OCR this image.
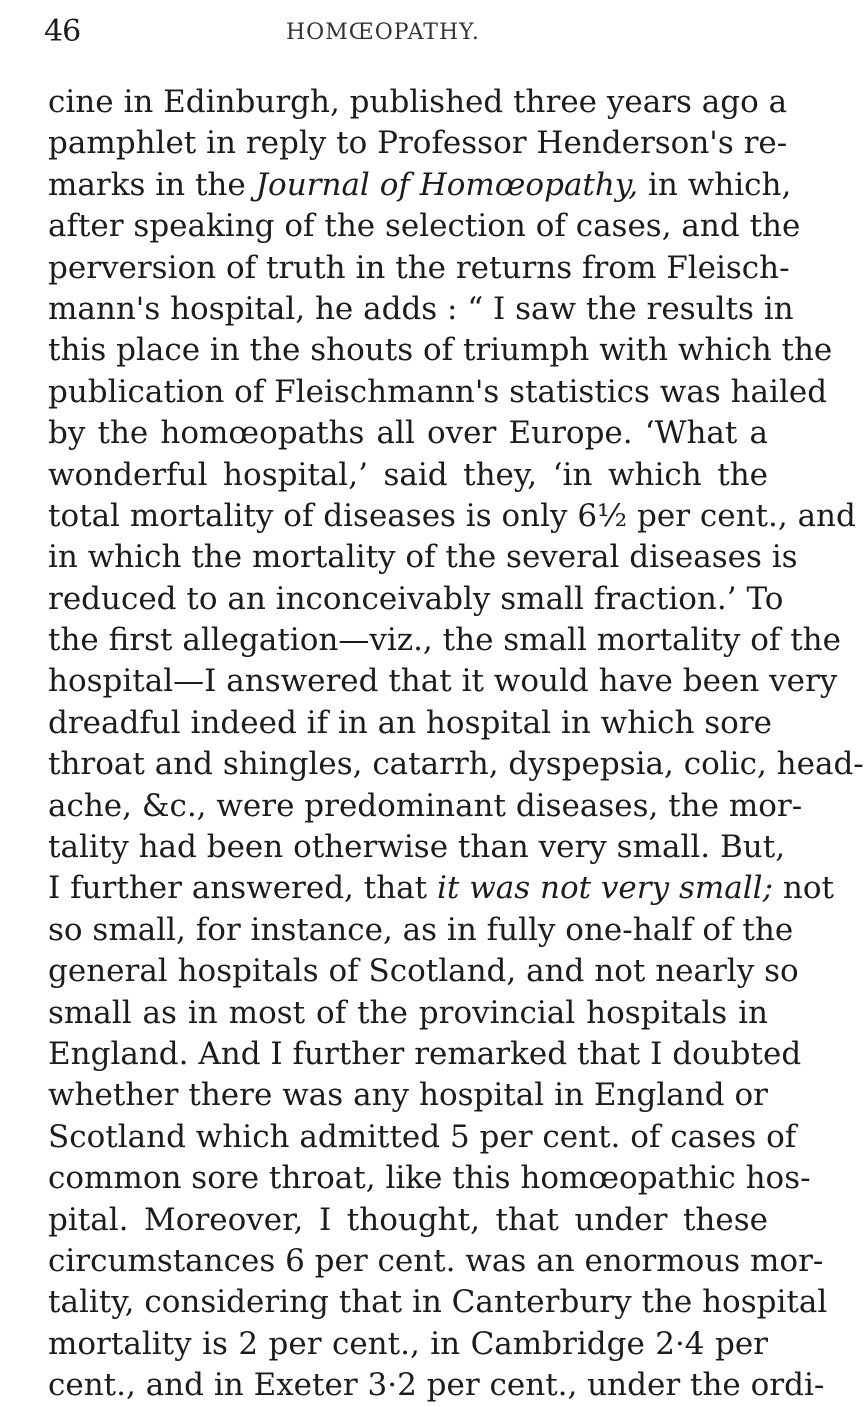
46	HOMŒOPATHY.
cine in Edinburgh, published three years ago a
pamphlet in reply to Professor Henderson's re-
marks in the Journal of Homœopathy, in which,
after speaking of the selection of cases, and the
perversion of truth in the returns from Fleisch-
mann's hospital, he adds : “ I saw the results in
this place in the shouts of triumph with which the
publication of Fleischmann's statistics was hailed
by the homœopaths all over Europe. ‘What a
wonderful hospital,’ said they, ‘in which the
total mortality of diseases is only 6½ per cent., and
in which the mortality of the several diseases is
reduced to an inconceivably small fraction.’ To
the first allegation—viz., the small mortality of the
hospital—I answered that it would have been very
dreadful indeed if in an hospital in which sore
throat and shingles, catarrh, dyspepsia, colic, head-
ache, &c., were predominant diseases, the mor-
tality had been otherwise than very small. But,
I further answered, that it was not very small; not
so small, for instance, as in fully one-half of the
general hospitals of Scotland, and not nearly so
small as in most of the provincial hospitals in
England. And I further remarked that I doubted
whether there was any hospital in England or
Scotland which admitted 5 per cent. of cases of
common sore throat, like this homœopathic hos-
pital. Moreover, I thought, that under these
circumstances 6 per cent. was an enormous mor-
tality, considering that in Canterbury the hospital
mortality is 2 per cent., in Cambridge 2·4 per
cent., and in Exeter 3·2 per cent., under the ordi-
